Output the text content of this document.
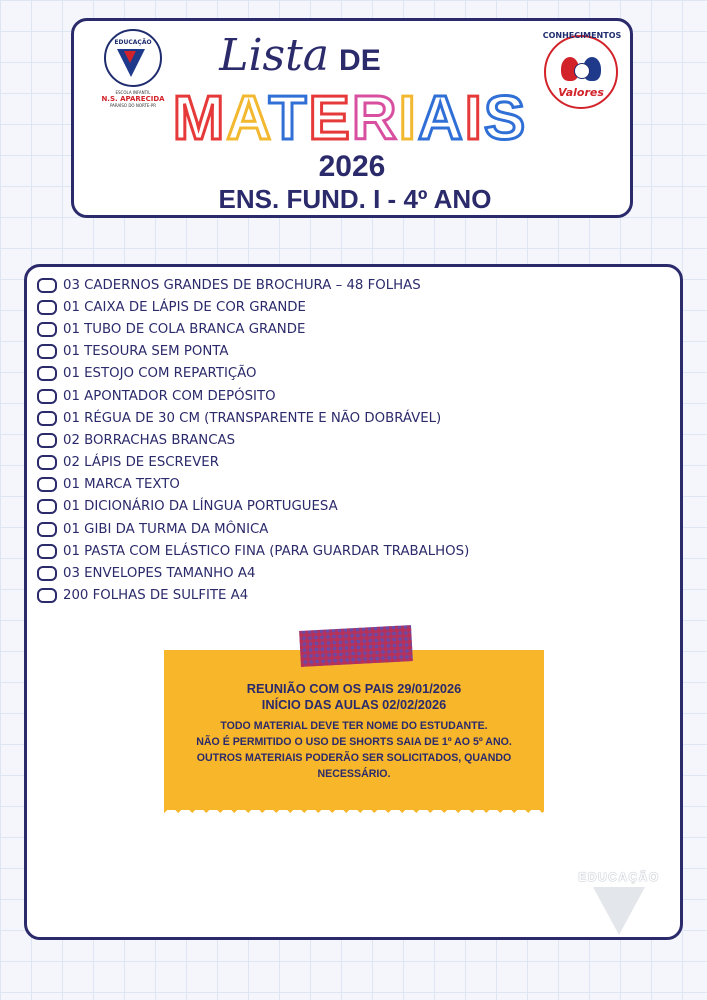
EDUCAÇÃO
ESCOLA INFANTIL
N.S. APARECIDA
PARAÍSO DO NORTE-PR
CONHECIMENTOS
Valores
Lista DE
MATERIAIS
2026
ENS. FUND. I - 4º ANO
03 CADERNOS GRANDES DE BROCHURA – 48 FOLHAS
01 CAIXA DE LÁPIS DE COR GRANDE
01 TUBO DE COLA BRANCA GRANDE
01 TESOURA SEM PONTA
01 ESTOJO COM REPARTIÇÃO
01 APONTADOR COM DEPÓSITO
01 RÉGUA DE 30 CM (TRANSPARENTE E NÃO DOBRÁVEL)
02 BORRACHAS BRANCAS
02 LÁPIS DE ESCREVER
01 MARCA TEXTO
01 DICIONÁRIO DA LÍNGUA PORTUGUESA
01 GIBI DA TURMA DA MÔNICA
01 PASTA COM ELÁSTICO FINA (PARA GUARDAR TRABALHOS)
03 ENVELOPES TAMANHO A4
200 FOLHAS DE SULFITE A4
REUNIÃO COM OS PAIS 29/01/2026
INÍCIO DAS AULAS 02/02/2026
TODO MATERIAL DEVE TER NOME DO ESTUDANTE.
NÃO É PERMITIDO O USO DE SHORTS SAIA DE 1º AO 5º ANO.
OUTROS MATERIAIS PODERÃO SER SOLICITADOS, QUANDO
NECESSÁRIO.
EDUCAÇÃO
